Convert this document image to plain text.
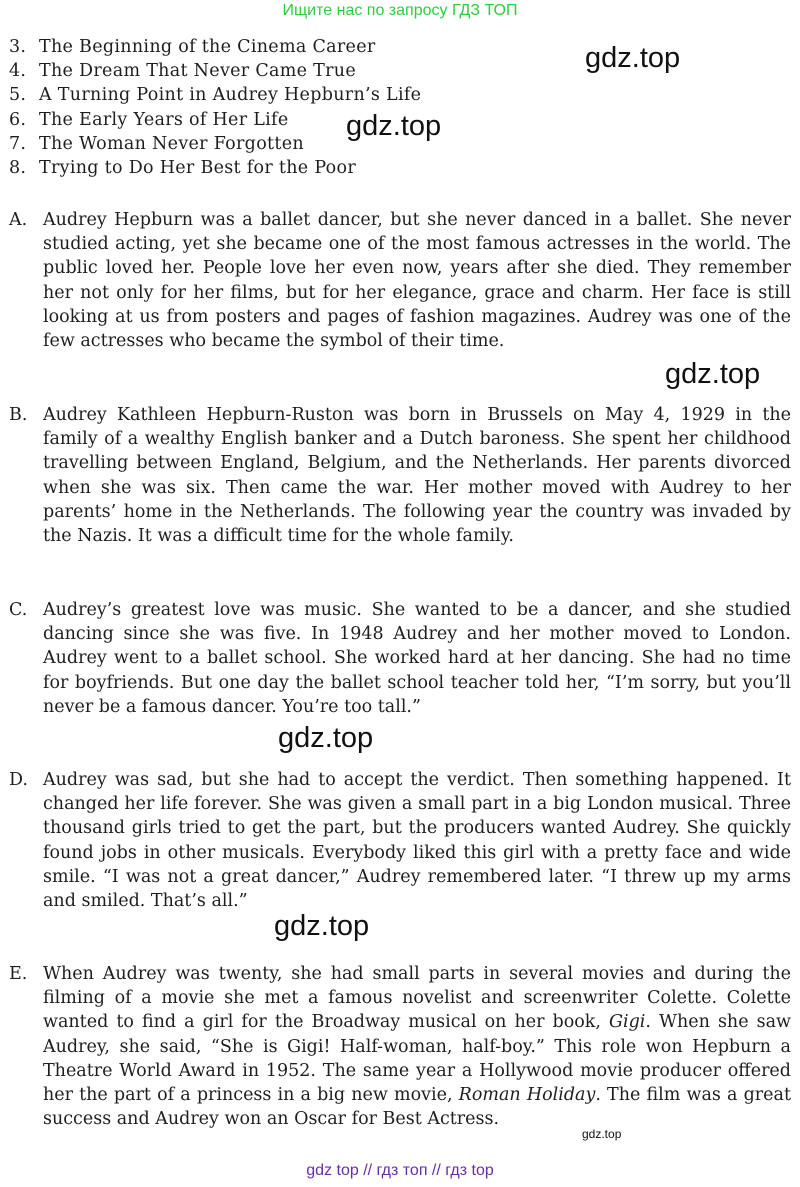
Ищите нас по запросу ГДЗ ТОП
3. The Beginning of the Cinema Career
4. The Dream That Never Came True
5. A Turning Point in Audrey Hepburn’s Life
6. The Early Years of Her Life
7. The Woman Never Forgotten
8. Trying to Do Her Best for the Poor
A. Audrey Hepburn was a ballet dancer, but she never danced in a ballet. She never studied acting, yet she became one of the most famous actresses in the world. The public loved her. People love her even now, years after she died. They remember her not only for her films, but for her elegance, grace and charm. Her face is still looking at us from posters and pages of fashion magazines. Audrey was one of the few actresses who became the symbol of their time.
B. Audrey Kathleen Hepburn-Ruston was born in Brussels on May 4, 1929 in the family of a wealthy English banker and a Dutch baroness. She spent her childhood travelling between England, Belgium, and the Netherlands. Her parents divorced when she was six. Then came the war. Her mother moved with Audrey to her parents’ home in the Netherlands. The following year the country was invaded by the Nazis. It was a difficult time for the whole family.
C. Audrey’s greatest love was music. She wanted to be a dancer, and she studied dancing since she was five. In 1948 Audrey and her mother moved to London. Audrey went to a ballet school. She worked hard at her dancing. She had no time for boyfriends. But one day the ballet school teacher told her, “I’m sorry, but you’ll never be a famous dancer. You’re too tall.”
D. Audrey was sad, but she had to accept the verdict. Then something happened. It changed her life forever. She was given a small part in a big London musical. Three thousand girls tried to get the part, but the producers wanted Audrey. She quickly found jobs in other musicals. Everybody liked this girl with a pretty face and wide smile. “I was not a great dancer,” Audrey remembered later. “I threw up my arms and smiled. That’s all.”
E. When Audrey was twenty, she had small parts in several movies and during the filming of a movie she met a famous novelist and screenwriter Colette. Colette wanted to find a girl for the Broadway musical on her book, Gigi. When she saw Audrey, she said, “She is Gigi! Half-woman, half-boy.” This role won Hepburn a Theatre World Award in 1952. The same year a Hollywood movie producer offered her the part of a princess in a big new movie, Roman Holiday. The film was a great success and Audrey won an Oscar for Best Actress.
gdz.top
gdz.top
gdz.top
gdz.top
gdz.top
gdz.top
gdz top // гдз топ // гдз top
